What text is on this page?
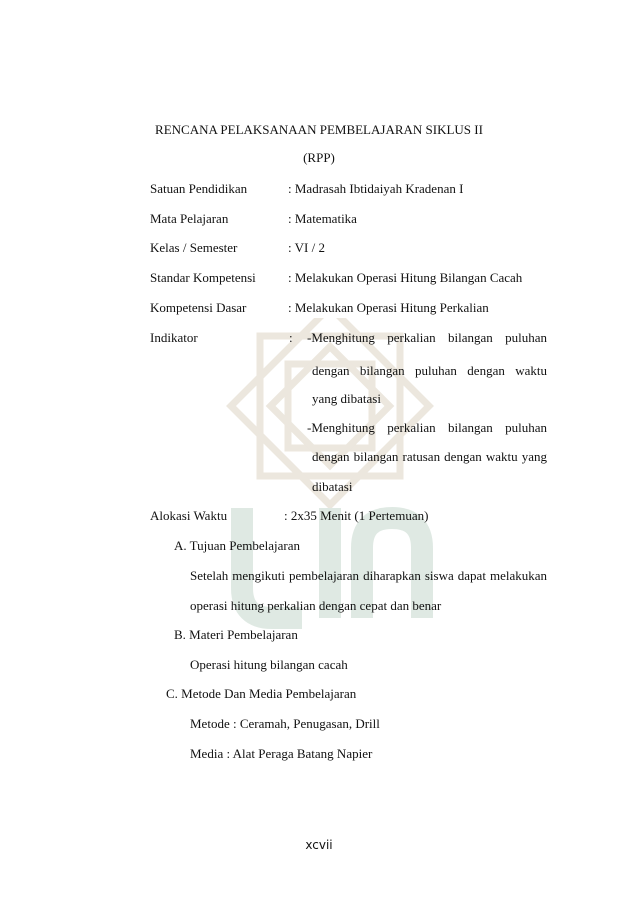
RENCANA PELAKSANAAN PEMBELAJARAN SIKLUS II
(RPP)
Satuan Pendidikan	: Madrasah Ibtidaiyah Kradenan I
Mata Pelajaran	: Matematika
Kelas / Semester	: VI / 2
Standar Kompetensi : Melakukan Operasi Hitung Bilangan Cacah
Kompetensi Dasar	: Melakukan Operasi Hitung Perkalian
Indikator	: -Menghitung perkalian bilangan puluhan
dengan bilangan puluhan dengan waktu
yang dibatasi
-Menghitung perkalian bilangan puluhan
dengan bilangan ratusan dengan waktu yang
dibatasi
Alokasi Waktu	: 2x35 Menit (1 Pertemuan)
A. Tujuan Pembelajaran
Setelah mengikuti pembelajaran diharapkan siswa dapat melakukan
operasi hitung perkalian dengan cepat dan benar
B. Materi Pembelajaran
Operasi hitung bilangan cacah
C. Metode Dan Media Pembelajaran
Metode : Ceramah, Penugasan, Drill
Media : Alat Peraga Batang Napier
xcvii
